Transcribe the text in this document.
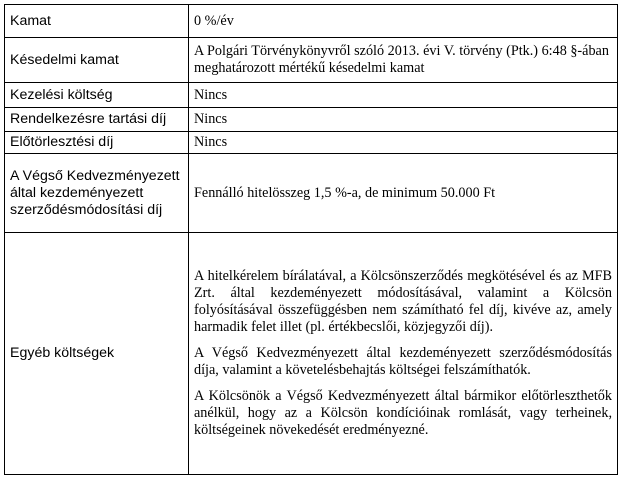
Kamat	0 %/év
Késedelmi kamat	A Polgári Törvénykönyvről szóló 2013. évi V. törvény (Ptk.) 6:48 §-ában meghatározott mértékű késedelmi kamat
Kezelési költség	Nincs
Rendelkezésre tartási díj	Nincs
Előtörlesztési díj	Nincs
A Végső Kedvezményezett által kezdeményezett szerződésmódosítási díj	Fennálló hitelösszeg 1,5 %-a, de minimum 50.000 Ft
Egyéb költségek	A hitelkérelem bírálatával, a Kölcsönszerződés megkötésével és az MFB Zrt. által kezdeményezett módosításával, valamint a Kölcsön folyósításával összefüggésben nem számítható fel díj, kivéve az, amely harmadik felet illet (pl. értékbecslői, közjegyzői díj).

A Végső Kedvezményezett által kezdeményezett szerződésmódosítás díja, valamint a követelésbehajtás költségei felszámíthatók.

A Kölcsönök a Végső Kedvezményezett által bármikor előtörleszthetők anélkül, hogy az a Kölcsön kondícióinak romlását, vagy terheinek, költségeinek növekedését eredményezné.
